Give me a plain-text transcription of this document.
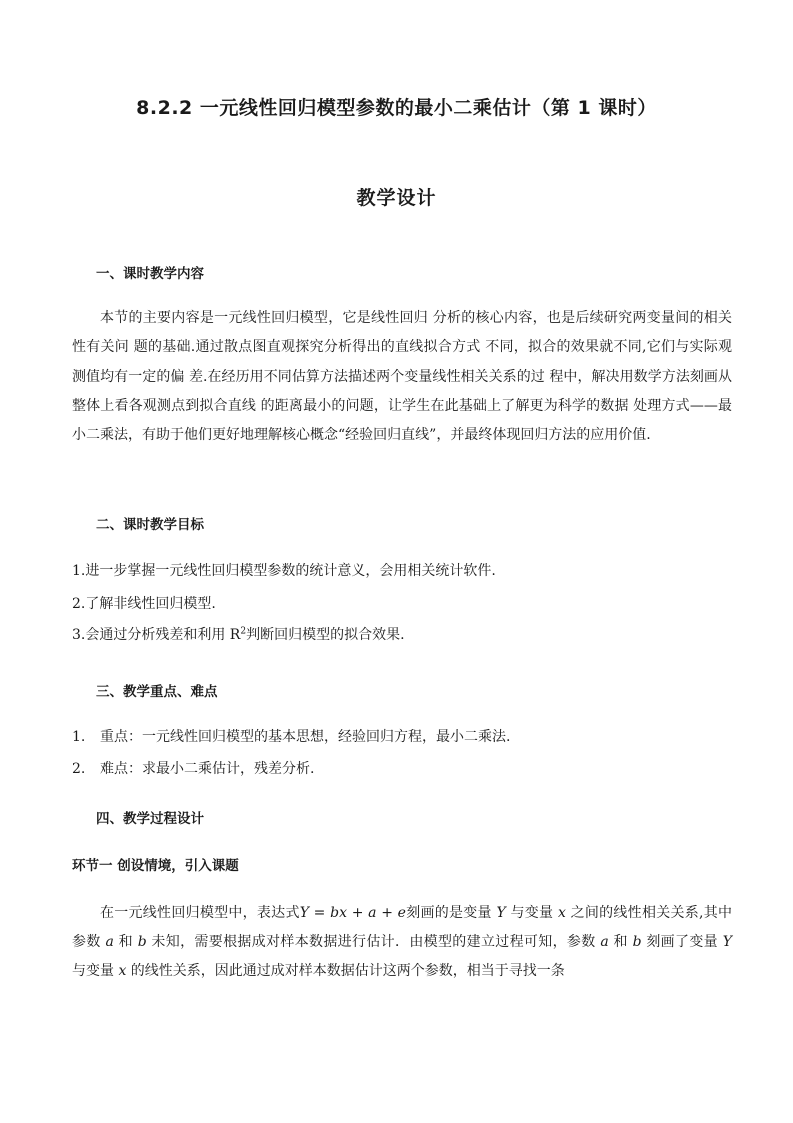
8.2.2 一元线性回归模型参数的最小二乘估计（第 1 课时）
教学设计
一、课时教学内容
本节的主要内容是一元线性回归模型，它是线性回归 分析的核心内容，也是后续研究两变量间的相关性有关问 题的基础.通过散点图直观探究分析得出的直线拟合方式 不同，拟合的效果就不同,它们与实际观测值均有一定的偏 差.在经历用不同估算方法描述两个变量线性相关关系的过 程中，解决用数学方法刻画从整体上看各观测点到拟合直线 的距离最小的问题，让学生在此基础上了解更为科学的数据 处理方式——最小二乘法，有助于他们更好地理解核心概念“经验回归直线”，并最终体现回归方法的应用价值.
二、课时教学目标
1.进一步掌握一元线性回归模型参数的统计意义，会用相关统计软件.
2.了解非线性回归模型.
3.会通过分析残差和利用 $R^2$判断回归模型的拟合效果.
三、教学重点、难点
1. 重点：一元线性回归模型的基本思想，经验回归方程，最小二乘法.
2. 难点：求最小二乘估计，残差分析.
四、教学过程设计
环节一 创设情境，引入课题
在一元线性回归模型中，表达式Y = bx + a + e刻画的是变量 Y 与变量 x 之间的线性相关关系,其中参数 a 和 b 未知，需要根据成对样本数据进行估计．由模型的建立过程可知，参数 a 和 b 刻画了变量 Y 与变量 x 的线性关系，因此通过成对样本数据估计这两个参数，相当于寻找一条
